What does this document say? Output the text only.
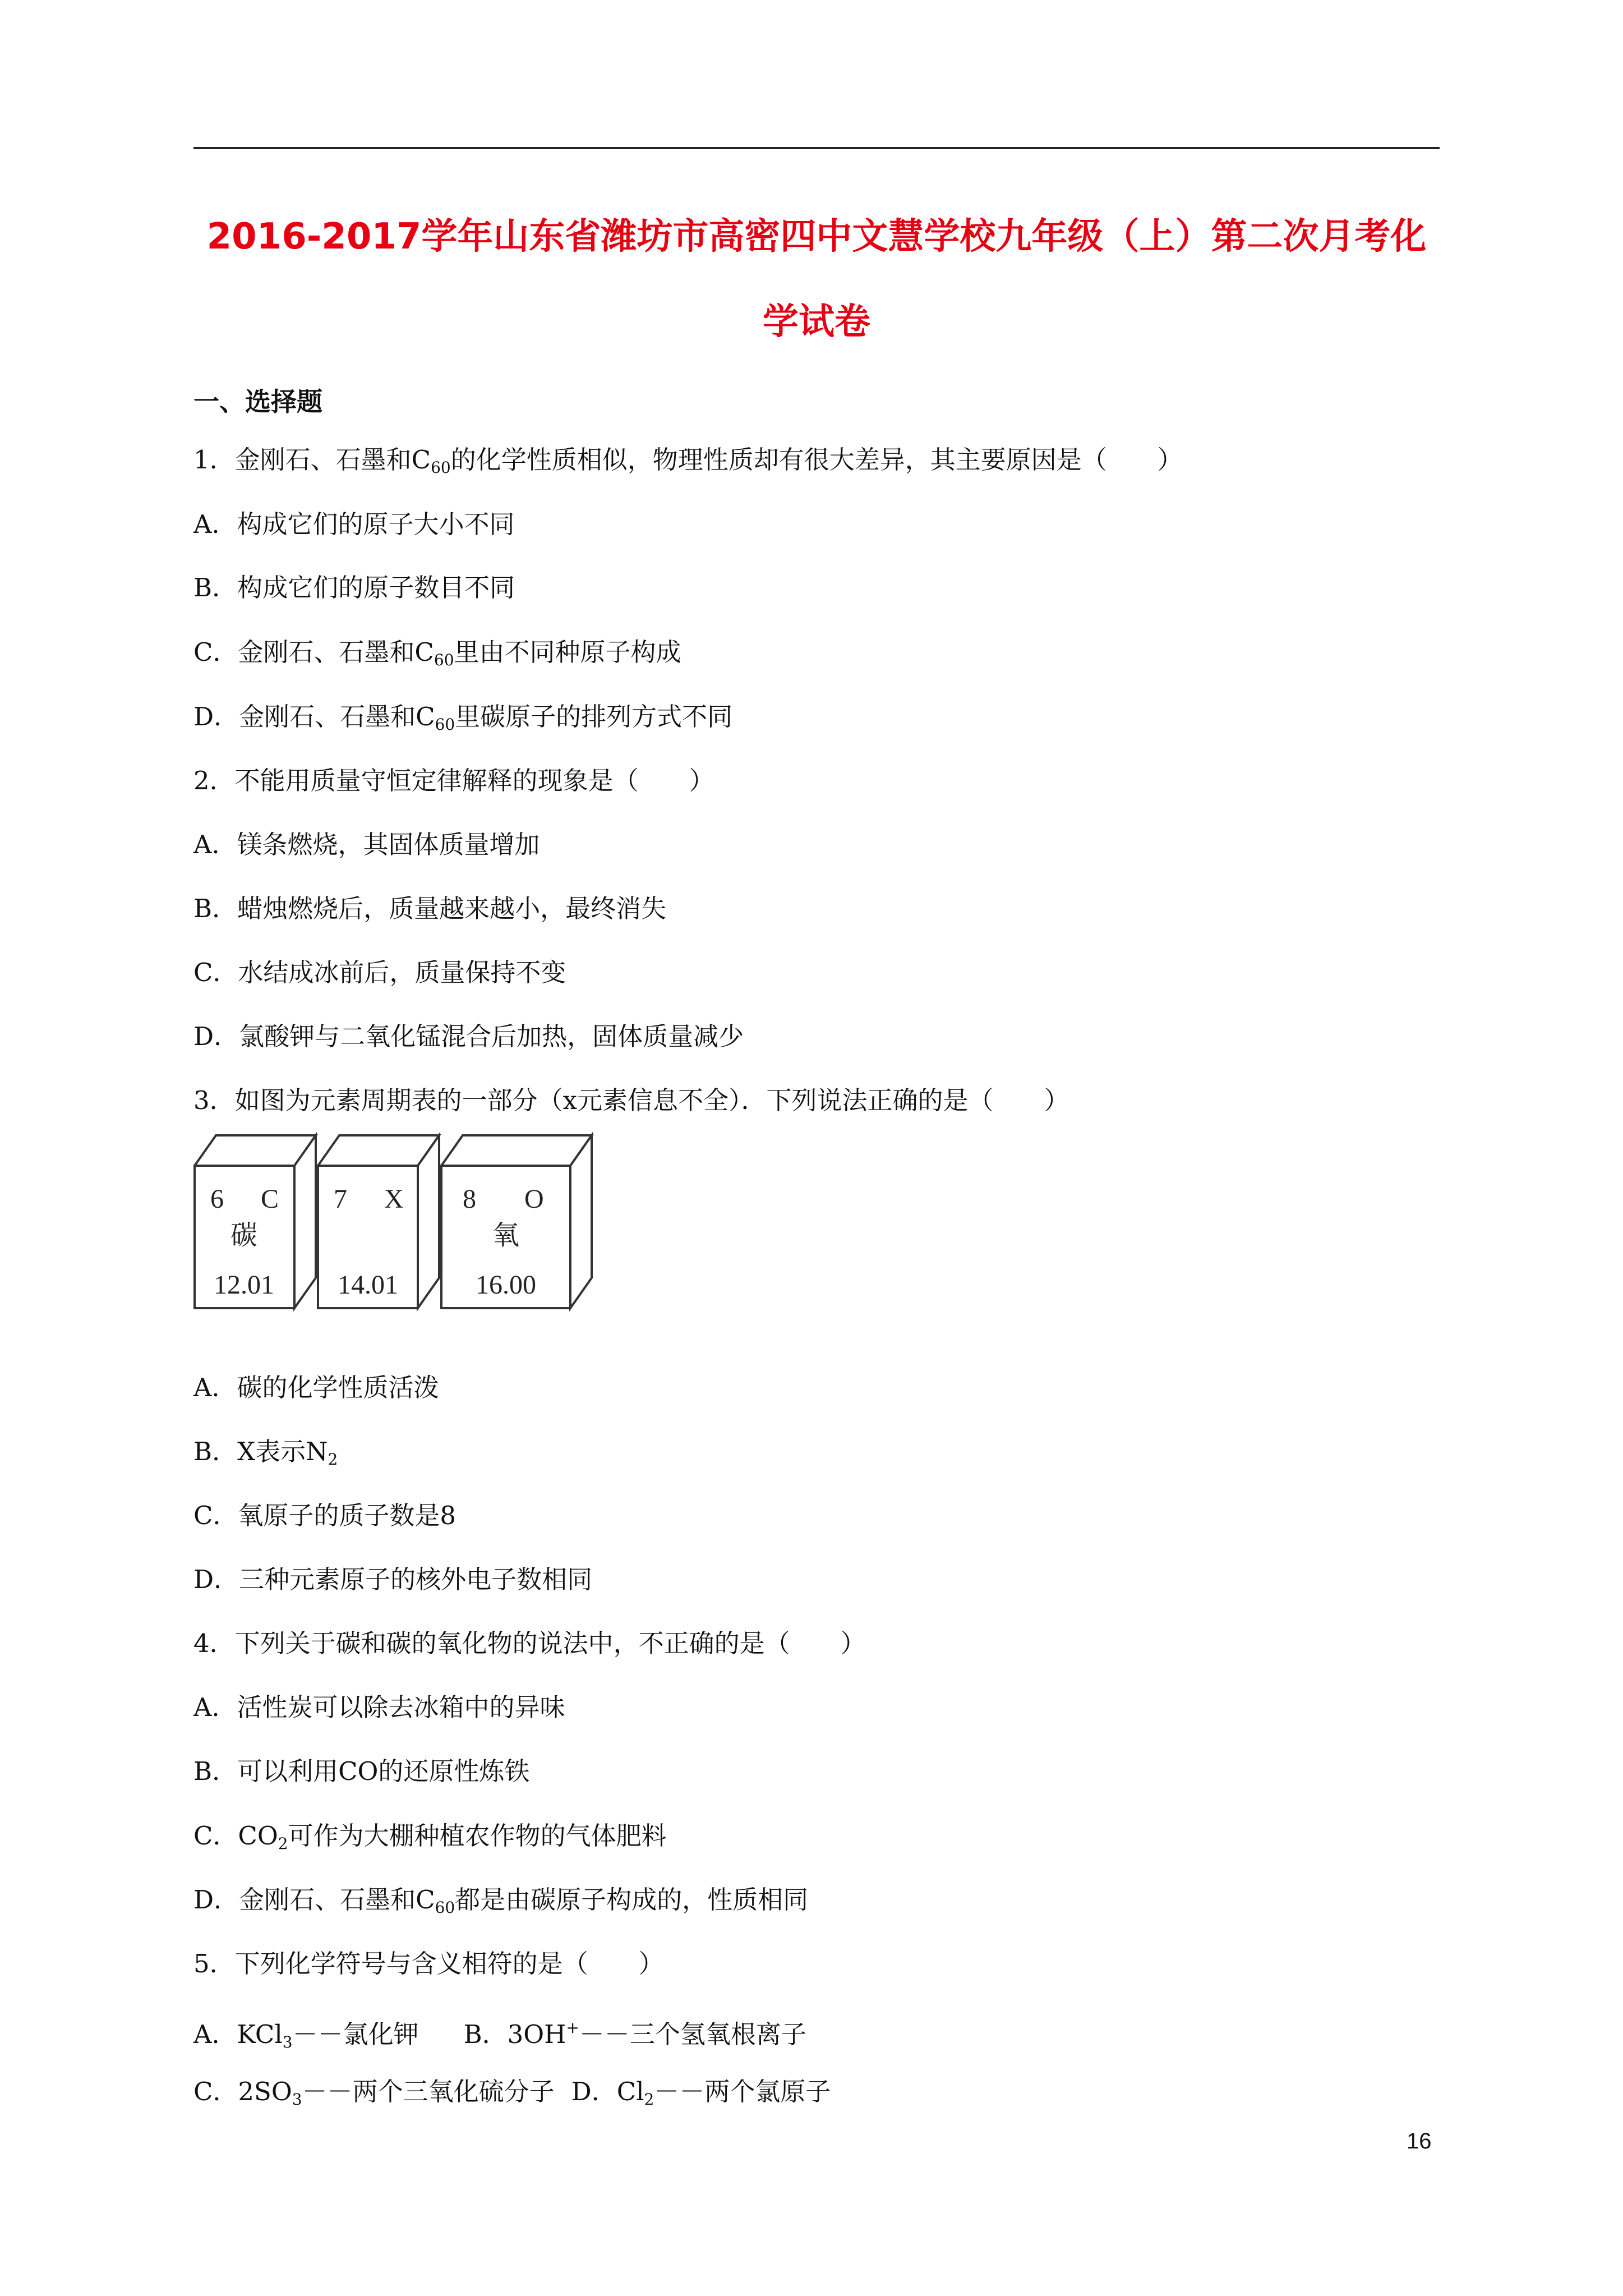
2016-2017学年山东省潍坊市高密四中文慧学校九年级（上）第二次月考化
学试卷
一、选择题
1．金刚石、石墨和$C_{60}$的化学性质相似，物理性质却有很大差异，其主要原因是（　　）
A．构成它们的原子大小不同
B．构成它们的原子数目不同
C．金刚石、石墨和$C_{60}$里由不同种原子构成
D．金刚石、石墨和$C_{60}$里碳原子的排列方式不同
2．不能用质量守恒定律解释的现象是（　　）
A．镁条燃烧，其固体质量增加
B．蜡烛燃烧后，质量越来越小，最终消失
C．水结成冰前后，质量保持不变
D．氯酸钾与二氧化锰混合后加热，固体质量减少
3．如图为元素周期表的一部分（x元素信息不全）．下列说法正确的是（　　）
6 C
碳
12.01
7 X
14.01
8 O
氧
16.00
A．碳的化学性质活泼
B．X表示$N_2$
C．氧原子的质子数是8
D．三种元素原子的核外电子数相同
4．下列关于碳和碳的氧化物的说法中，不正确的是（　　）
A．活性炭可以除去冰箱中的异味
B．可以利用CO的还原性炼铁
C．$CO_2$可作为大棚种植农作物的气体肥料
D．金刚石、石墨和$C_{60}$都是由碳原子构成的，性质相同
5．下列化学符号与含义相符的是（　　）
A．KCl$_3$－－氯化钾 B．3OH+－－三个氢氧根离子
C．$2SO_3--$两个三氧化硫分子 D．$Cl_2--$两个氯原子
16
